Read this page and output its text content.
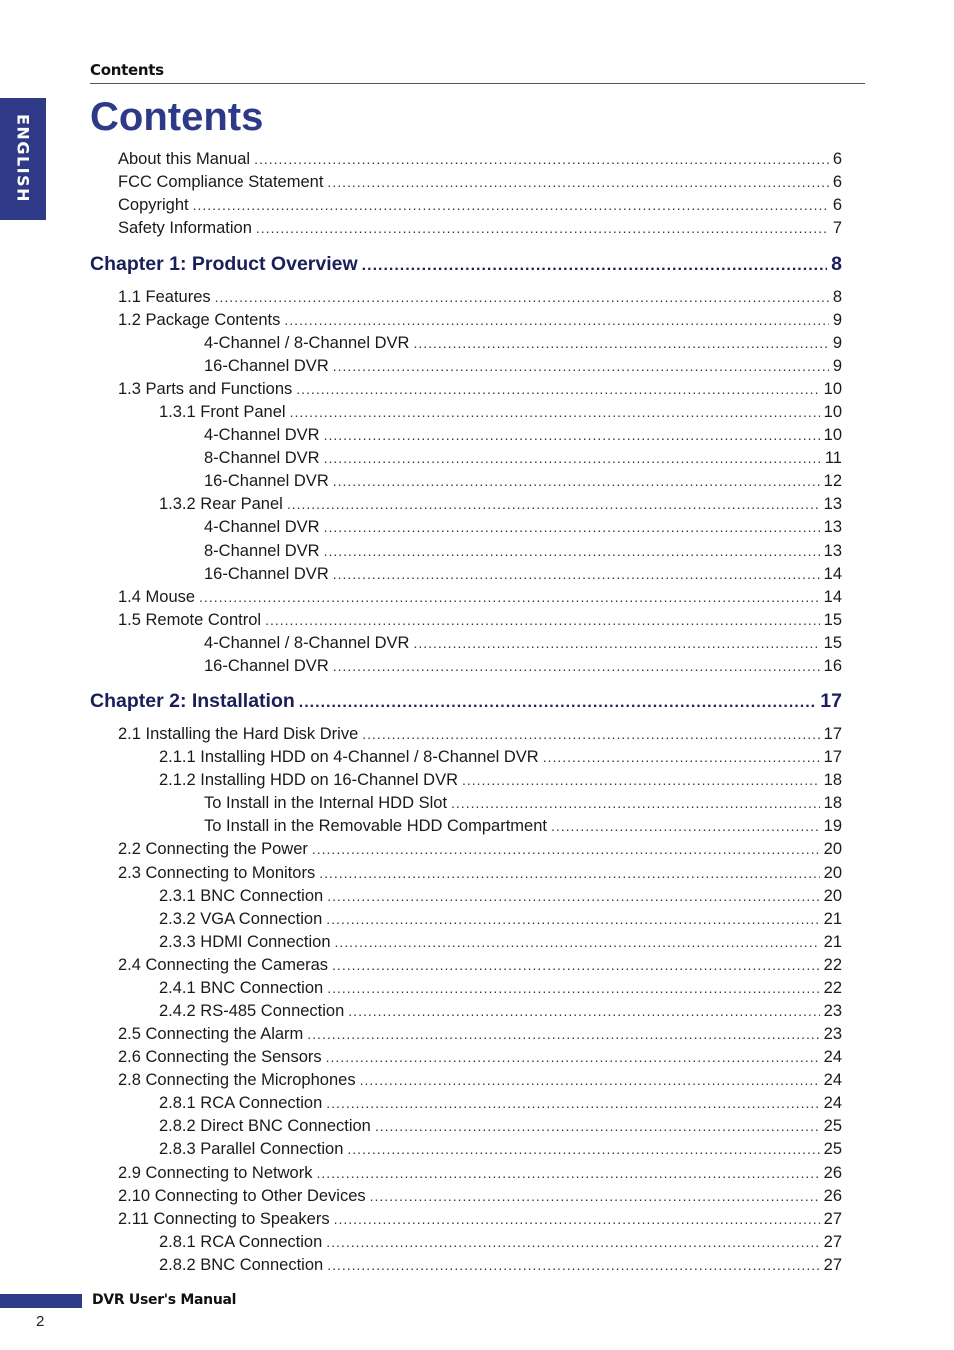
Contents
ENGLISH Contents
About this Manual .....	6
FCC Compliance Statement .....	6
Copyright .....	6
Safety Information .....	7
Chapter 1: Product Overview .....	8
1.1 Features .....	8
1.2 Package Contents .....	9
4-Channel / 8-Channel DVR .....	9
16-Channel DVR .....	9
1.3 Parts and Functions .....	10
1.3.1 Front Panel .....	10
4-Channel DVR .....	10
8-Channel DVR .....	11
16-Channel DVR .....	12
1.3.2 Rear Panel .....	13
4-Channel DVR .....	13
8-Channel DVR .....	13
16-Channel DVR .....	14
1.4 Mouse .....	14
1.5 Remote Control .....	15
4-Channel / 8-Channel DVR .....	15
16-Channel DVR .....	16
Chapter 2: Installation .....	17
2.1 Installing the Hard Disk Drive .....	17
2.1.1 Installing HDD on 4-Channel / 8-Channel DVR .....	17
2.1.2 Installing HDD on 16-Channel DVR .....	18
To Install in the Internal HDD Slot .....	18
To Install in the Removable HDD Compartment .....	19
2.2 Connecting the Power .....	20
2.3 Connecting to Monitors .....	20
2.3.1 BNC Connection .....	20
2.3.2 VGA Connection .....	21
2.3.3 HDMI Connection .....	21
2.4 Connecting the Cameras .....	22
2.4.1 BNC Connection .....	22
2.4.2 RS-485 Connection .....	23
2.5 Connecting the Alarm .....	23
2.6 Connecting the Sensors .....	24
2.8 Connecting the Microphones .....	24
2.8.1 RCA Connection .....	24
2.8.2 Direct BNC Connection .....	25
2.8.3 Parallel Connection .....	25
2.9 Connecting to Network .....	26
2.10 Connecting to Other Devices .....	26
2.11 Connecting to Speakers .....	27
2.8.1 RCA Connection .....	27
2.8.2 BNC Connection .....	27
DVR User's Manual
2
